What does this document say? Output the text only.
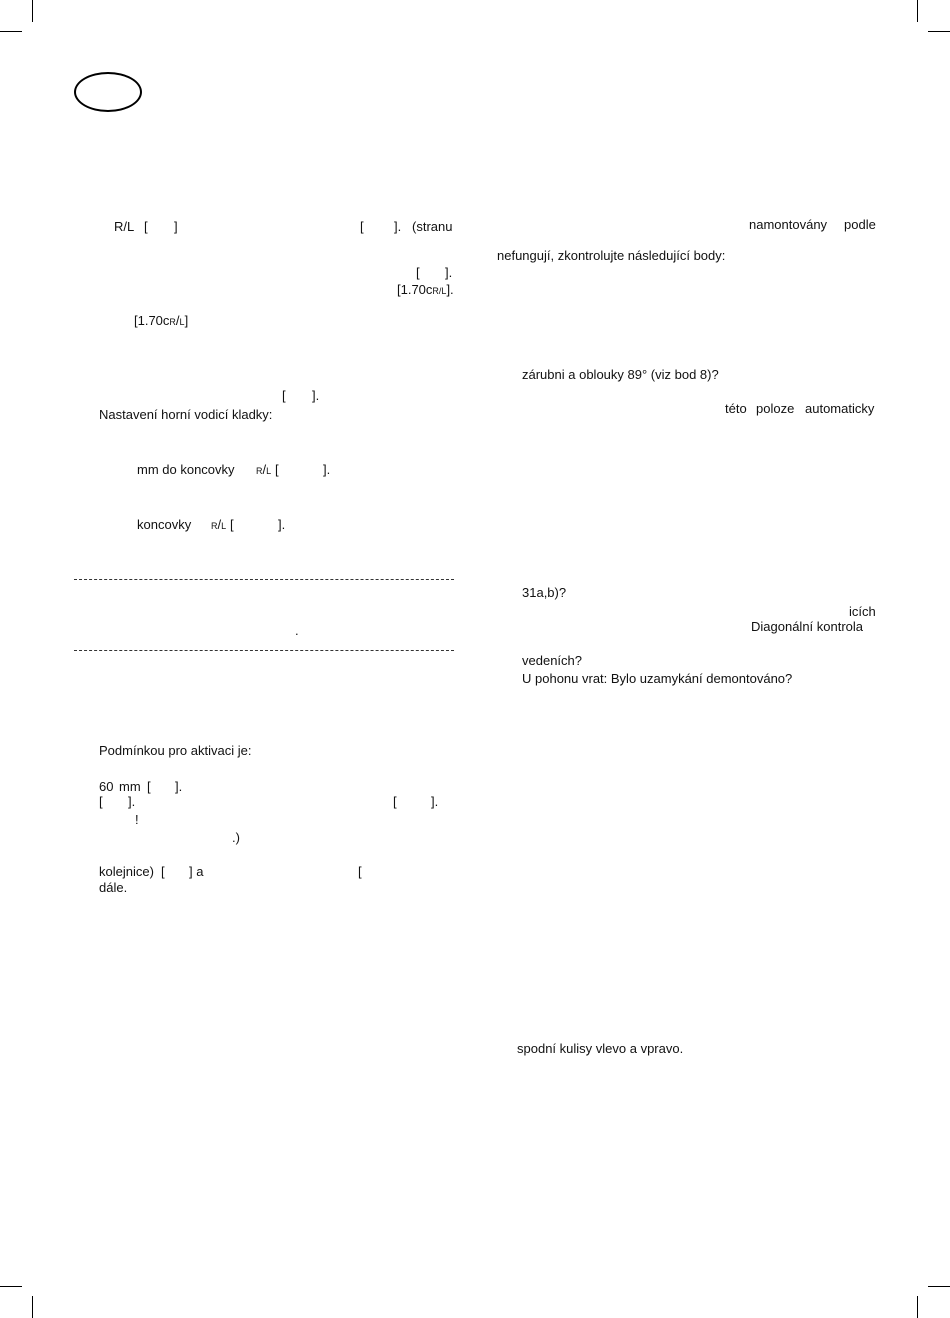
R/L [ ]	[ ]. (stranu
[ ].
[1.70cR/L].
[1.70cR/L]
[ ].
Nastavení horní vodicí kladky:
mm do koncovky R/L [	].
koncovky R/L [	].
.
Podmínkou pro aktivaci je:
60 mm [ ].
[ ].	[	].
!
.)
kolejnice) [ ] a	[
dále.
namontovány podle
nefungují, zkontrolujte následující body:
zárubni a oblouky 89° (viz bod 8)?
této poloze automaticky
31a,b)?
icích
Diagonální kontrola
vedeních?
U pohonu vrat: Bylo uzamykání demontováno?
spodní kulisy vlevo a vpravo.
